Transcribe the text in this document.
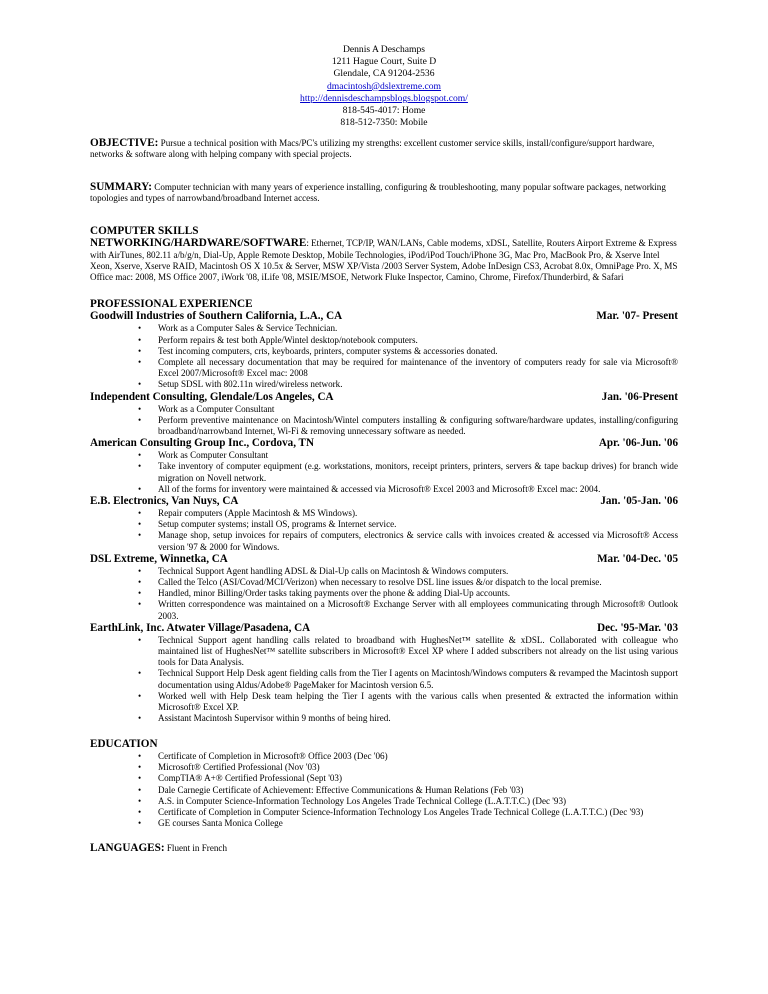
Dennis A Deschamps
1211 Hague Court, Suite D
Glendale, CA 91204-2536
dmacintosh@dslextreme.com
http://dennisdeschampsblogs.blogspot.com/
818-545-4017: Home
818-512-7350: Mobile

OBJECTIVE: Pursue a technical position with Macs/PC's utilizing my strengths: excellent customer service skills, install/configure/support hardware, networks & software along with helping company with special projects.

SUMMARY: Computer technician with many years of experience installing, configuring & troubleshooting, many popular software packages, networking topologies and types of narrowband/broadband Internet access.

COMPUTER SKILLS

NETWORKING/HARDWARE/SOFTWARE: Ethernet, TCP/IP, WAN/LANs, Cable modems, xDSL, Satellite, Routers Airport Extreme & Express with AirTunes, 802.11 a/b/g/n, Dial-Up, Apple Remote Desktop, Mobile Technologies, iPod/iPod Touch/iPhone 3G, Mac Pro, MacBook Pro, & Xserve Intel Xeon, Xserve, Xserve RAID, Macintosh OS X 10.5x & Server, MSW XP/Vista /2003 Server System, Adobe InDesign CS3, Acrobat 8.0x, OmniPage Pro. X, MS Office mac: 2008, MS Office 2007, iWork '08, iLife '08, MSIE/MSOE, Network Fluke Inspector, Camino, Chrome, Firefox/Thunderbird, & Safari

PROFESSIONAL EXPERIENCE
Goodwill Industries of Southern California, L.A., CA	Mar. '07- Present
• Work as a Computer Sales & Service Technician.
• Perform repairs & test both Apple/Wintel desktop/notebook computers.
• Test incoming computers, crts, keyboards, printers, computer systems & accessories donated.
• Complete all necessary documentation that may be required for maintenance of the inventory of computers ready for sale via Microsoft® Excel 2007/Microsoft® Excel mac: 2008
• Setup SDSL with 802.11n wired/wireless network.
Independent Consulting, Glendale/Los Angeles, CA	Jan. '06-Present
• Work as a Computer Consultant
• Perform preventive maintenance on Macintosh/Wintel computers installing & configuring software/hardware updates, installing/configuring broadband/narrowband Internet, Wi-Fi & removing unnecessary software as needed.
American Consulting Group Inc., Cordova, TN	Apr. '06-Jun. '06
• Work as Computer Consultant
• Take inventory of computer equipment (e.g. workstations, monitors, receipt printers, printers, servers & tape backup drives) for branch wide migration on Novell network.
• All of the forms for inventory were maintained & accessed via Microsoft® Excel 2003 and Microsoft® Excel mac: 2004.
E.B. Electronics, Van Nuys, CA	Jan. '05-Jan. '06
• Repair computers (Apple Macintosh & MS Windows).
• Setup computer systems; install OS, programs & Internet service.
• Manage shop, setup invoices for repairs of computers, electronics & service calls with invoices created & accessed via Microsoft® Access version '97 & 2000 for Windows.
DSL Extreme, Winnetka, CA	Mar. '04-Dec. '05
• Technical Support Agent handling ADSL & Dial-Up calls on Macintosh & Windows computers.
• Called the Telco (ASI/Covad/MCI/Verizon) when necessary to resolve DSL line issues &/or dispatch to the local premise.
• Handled, minor Billing/Order tasks taking payments over the phone & adding Dial-Up accounts.
• Written correspondence was maintained on a Microsoft® Exchange Server with all employees communicating through Microsoft® Outlook 2003.
EarthLink, Inc. Atwater Village/Pasadena, CA	Dec. '95-Mar. '03
• Technical Support agent handling calls related to broadband with HughesNet™ satellite & xDSL. Collaborated with colleague who maintained list of HughesNet™ satellite subscribers in Microsoft® Excel XP where I added subscribers not already on the list using various tools for Data Analysis.
• Technical Support Help Desk agent fielding calls from the Tier I agents on Macintosh/Windows computers & revamped the Macintosh support documentation using Aldus/Adobe® PageMaker for Macintosh version 6.5.
• Worked well with Help Desk team helping the Tier I agents with the various calls when presented & extracted the information within Microsoft® Excel XP.
• Assistant Macintosh Supervisor within 9 months of being hired.
EDUCATION
• Certificate of Completion in Microsoft® Office 2003 (Dec '06)
• Microsoft® Certified Professional (Nov '03)
• CompTIA® A+® Certified Professional (Sept '03)
• Dale Carnegie Certificate of Achievement: Effective Communications & Human Relations (Feb '03)
• A.S. in Computer Science-Information Technology Los Angeles Trade Technical College (L.A.T.T.C.) (Dec '93)
• Certificate of Completion in Computer Science-Information Technology Los Angeles Trade Technical College (L.A.T.T.C.) (Dec '93)
• GE courses Santa Monica College

LANGUAGES: Fluent in French
